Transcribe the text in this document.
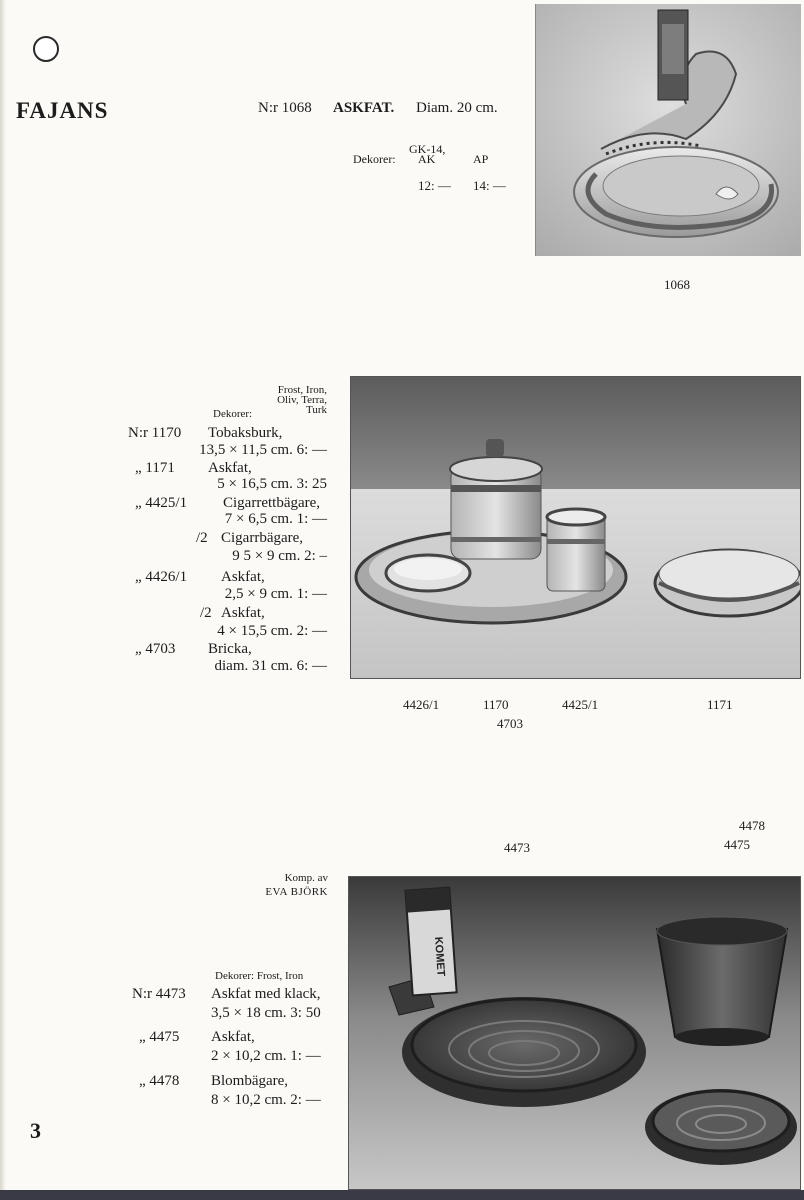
FAJANS	N:r 1068 ASKFAT. Diam. 20 cm.
GK-14,
Dekorer: AK	AP
12: — 14: —
1068
Frost, Iron,
Oliv, Terra,
Turk
Dekorer:
N:r 1170 Tobaksburk,
13,5 × 11,5 cm. 6: —
„ 1171 Askfat,
5 × 16,5 cm. 3: 25
„ 4425/1 Cigarrettbägare,
7 × 6,5 cm. 1: —
/2 Cigarrbägare,
9 5 × 9 cm. 2: –
„ 4426/1 Askfat,
2,5 × 9 cm. 1: —
/2 Askfat,
4 × 15,5 cm. 2: —
„ 4703 Bricka,
diam. 31 cm. 6: —
4426/1	1170
4703
4425/1	1171
4473
4478
4475
Komp. av
EVA BJÖRK
Dekorer: Frost, Iron
N:r 4473 Askfat med klack,
3,5 × 18 cm. 3: 50
„ 4475 Askfat,
2 × 10,2 cm. 1: —
„ 4478 Blombägare,
8 × 10,2 cm. 2: —
KOMET
3
